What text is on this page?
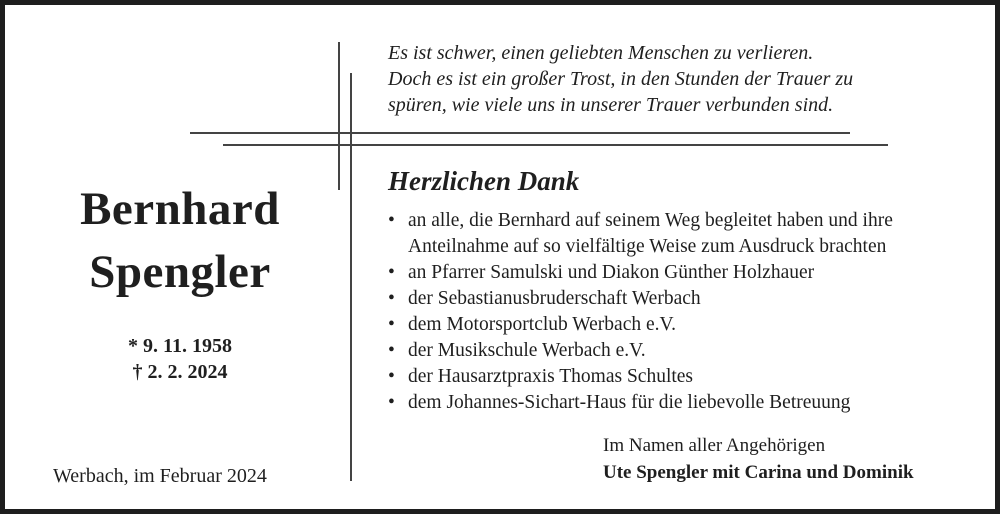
Es ist schwer, einen geliebten Menschen zu verlieren.
Doch es ist ein großer Trost, in den Stunden der Trauer zu
spüren, wie viele uns in unserer Trauer verbunden sind.
Bernhard
Spengler
* 9. 11. 1958
† 2. 2. 2024
Werbach, im Februar 2024
Herzlichen Dank
• an alle, die Bernhard auf seinem Weg begleitet haben und ihre
Anteilnahme auf so vielfältige Weise zum Ausdruck brachten
• an Pfarrer Samulski und Diakon Günther Holzhauer
• der Sebastianusbruderschaft Werbach
• dem Motorsportclub Werbach e.V.
• der Musikschule Werbach e.V.
• der Hausarztpraxis Thomas Schultes
• dem Johannes-Sichart-Haus für die liebevolle Betreuung
Im Namen aller Angehörigen
Ute Spengler mit Carina und Dominik
